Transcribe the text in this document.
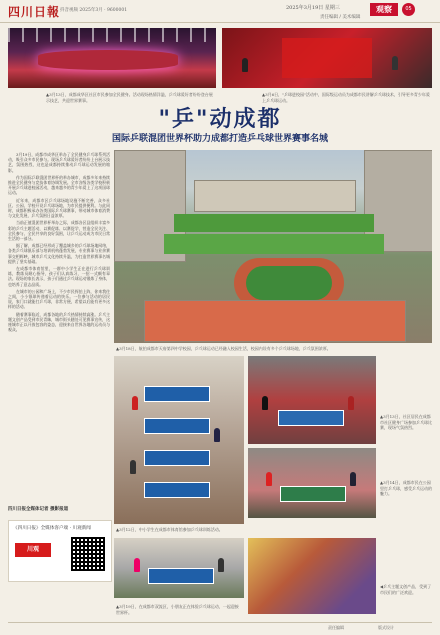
四川日報 抖音视频 2025年3月 · 9600001	2025年3月19日 星期三
责任编辑 / 美术编辑
观察	05
▲3月13日，成都成华区社区市民参加全民健身。活动现场热情洋溢，乒乓球爱好者纷纷登台展示技艺，共迎世界赛事。
▲3月6日，"乒球进校园"活动中，国际级运动员为成都市民讲解乒乓球技术，引导更多青少年爱上乒乓球运动。
"乒"动成都
国际乒联混团世界杯助力成都打造乒乓球世界赛事名城

3月19日，成都市成华区举办了全民健身乒乓球系列活动，吸引众多市民参与。现场乒乓球爱好者纷纷上台展示技艺，氛围热烈，这也是成都持续推动乒乓球运动发展的缩影。

作为国际乒联混团世界杯的举办城市，成都多年来持续推进全民健身与竞技体育协调发展。全市各级各类学校积极开展乒乓球进校园活动，越来越多的青少年爱上了这项国球运动。

近年来，成都市区乒乓球场地设施不断完善，众多社区、公园、学校开设乒乓球场地，为市民提供便利。与此同时，成都积极承办各类国际乒乓球赛事，带动城市体育消费与文化发展，乒乓氛围日益浓厚。

当前正值混团世界杯举办之际，成都各区县组织丰富多彩的乒乓主题活动，以赛促练、以赛促学，营造全民关注、全民参与、全民共享的良好氛围，让乒乓运动成为市民日常生活的一部分。

据了解，成都已经形成了覆盖城乡的乒乓球场地网络，各类乒乓球俱乐部与培训机构蓬勃发展，专业赛事与业余赛事交相辉映，城市乒乓文化持续升温，为打造世界赛事名城提供了坚实基础。

在成都市体育馆里，一群中小学生正在进行乒乓球训练，教练员耐心指导，孩子们认真练习，一招一式颇有章法。现场的家长表示，孩子们通过乒乓球运动锻炼了身体，也培养了意志品质。

在城市的公园和广场上，不少市民挥拍上阵，你来我往之间，小小银球传递着运动的快乐。一位参与活动的居民说，家门口就能打乒乓球，非常方便，希望以后能有更多这样的活动。

随着赛事临近，成都各地的乒乓热情持续高涨。乒乓主题文创产品受到市民青睐，城市街头随处可见赛事宣传，这座城市正以开放包容的姿态，迎接来自世界各地的运动员与观众。

四川日报全媒体记者 摄影报道
《四川日报》全媒体客户端 · 川观新闻
川观
▲3月18日，航拍成都市天府第四中学校园，乒乓球运动已经融入校园生活，校园内设有多个乒乓球场地，乒乓氛围浓厚。
▲3月12日，中小学生在成都市体育馆参加乒乓球训练活动。
▲3月13日，社区居民在成都市社区健身广场参加乒乓球比赛，现场气氛热烈。
▲3月14日，成都市民在公园里打乒乓球，感受乒乓运动的魅力。
▲3月19日，在成都市双流区，小朋友正在体验乒乓球运动，一起迎接世界杯。
◀乒乓主题文创产品，受到了市民们的广泛欢迎。
责任编辑	版式设计
